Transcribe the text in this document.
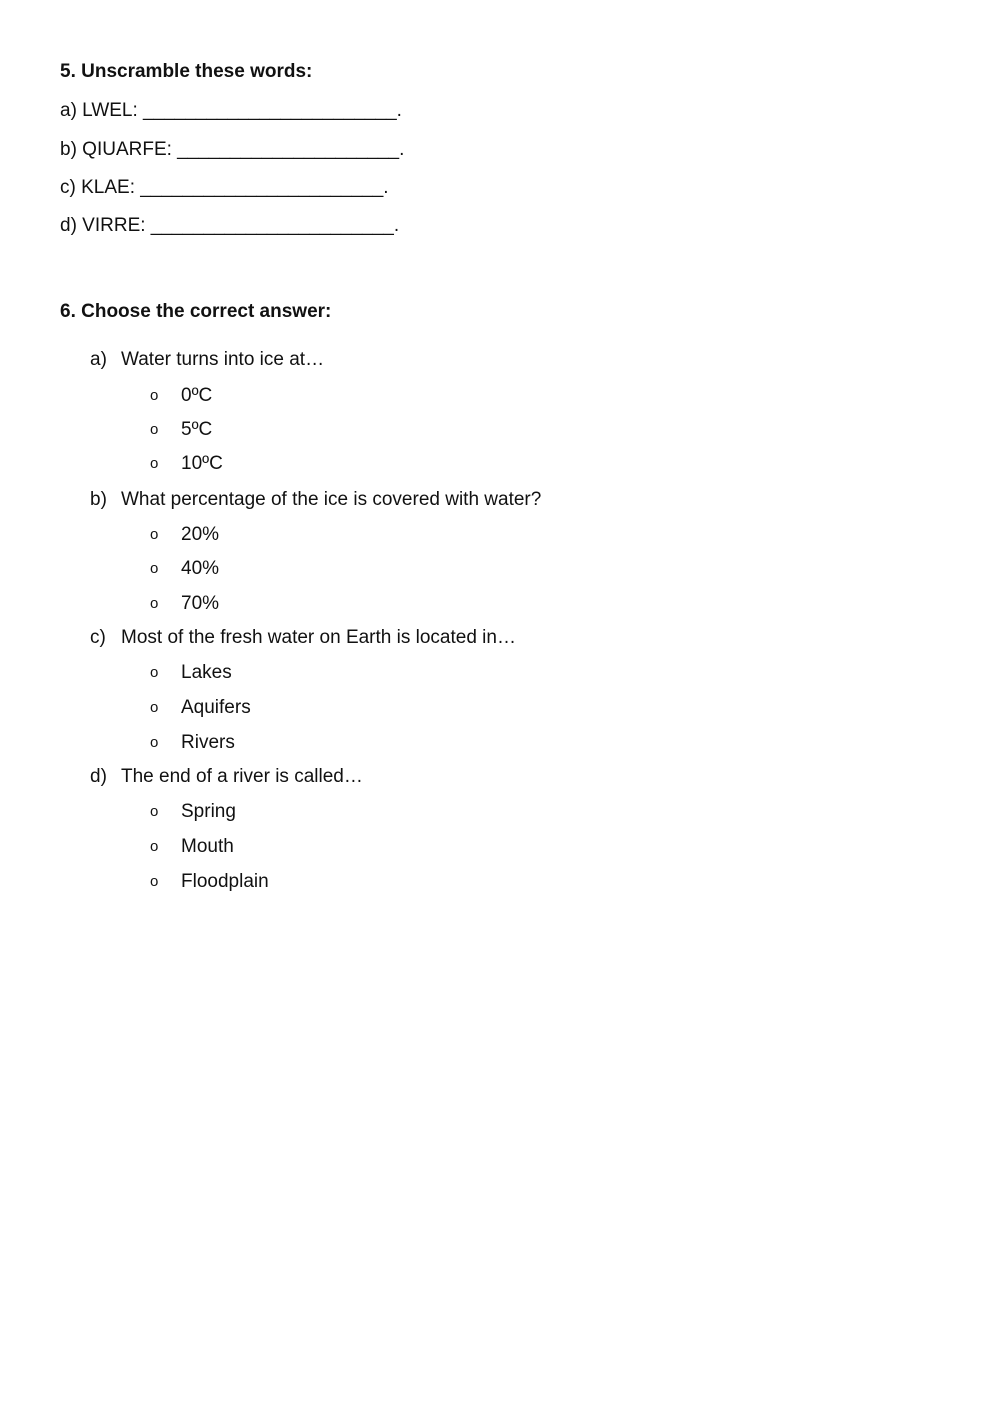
5. Unscramble these words:
a) LWEL: ________________________.
b) QIUARFE: _____________________.
c) KLAE: _______________________.
d) VIRRE: _______________________.
6. Choose the correct answer:
a) Water turns into ice at…
o 0ºC
o 5ºC
o 10ºC
b) What percentage of the ice is covered with water?
o 20%
o 40%
o 70%
c) Most of the fresh water on Earth is located in…
o Lakes
o Aquifers
o Rivers
d) The end of a river is called…
o Spring
o Mouth
o Floodplain
